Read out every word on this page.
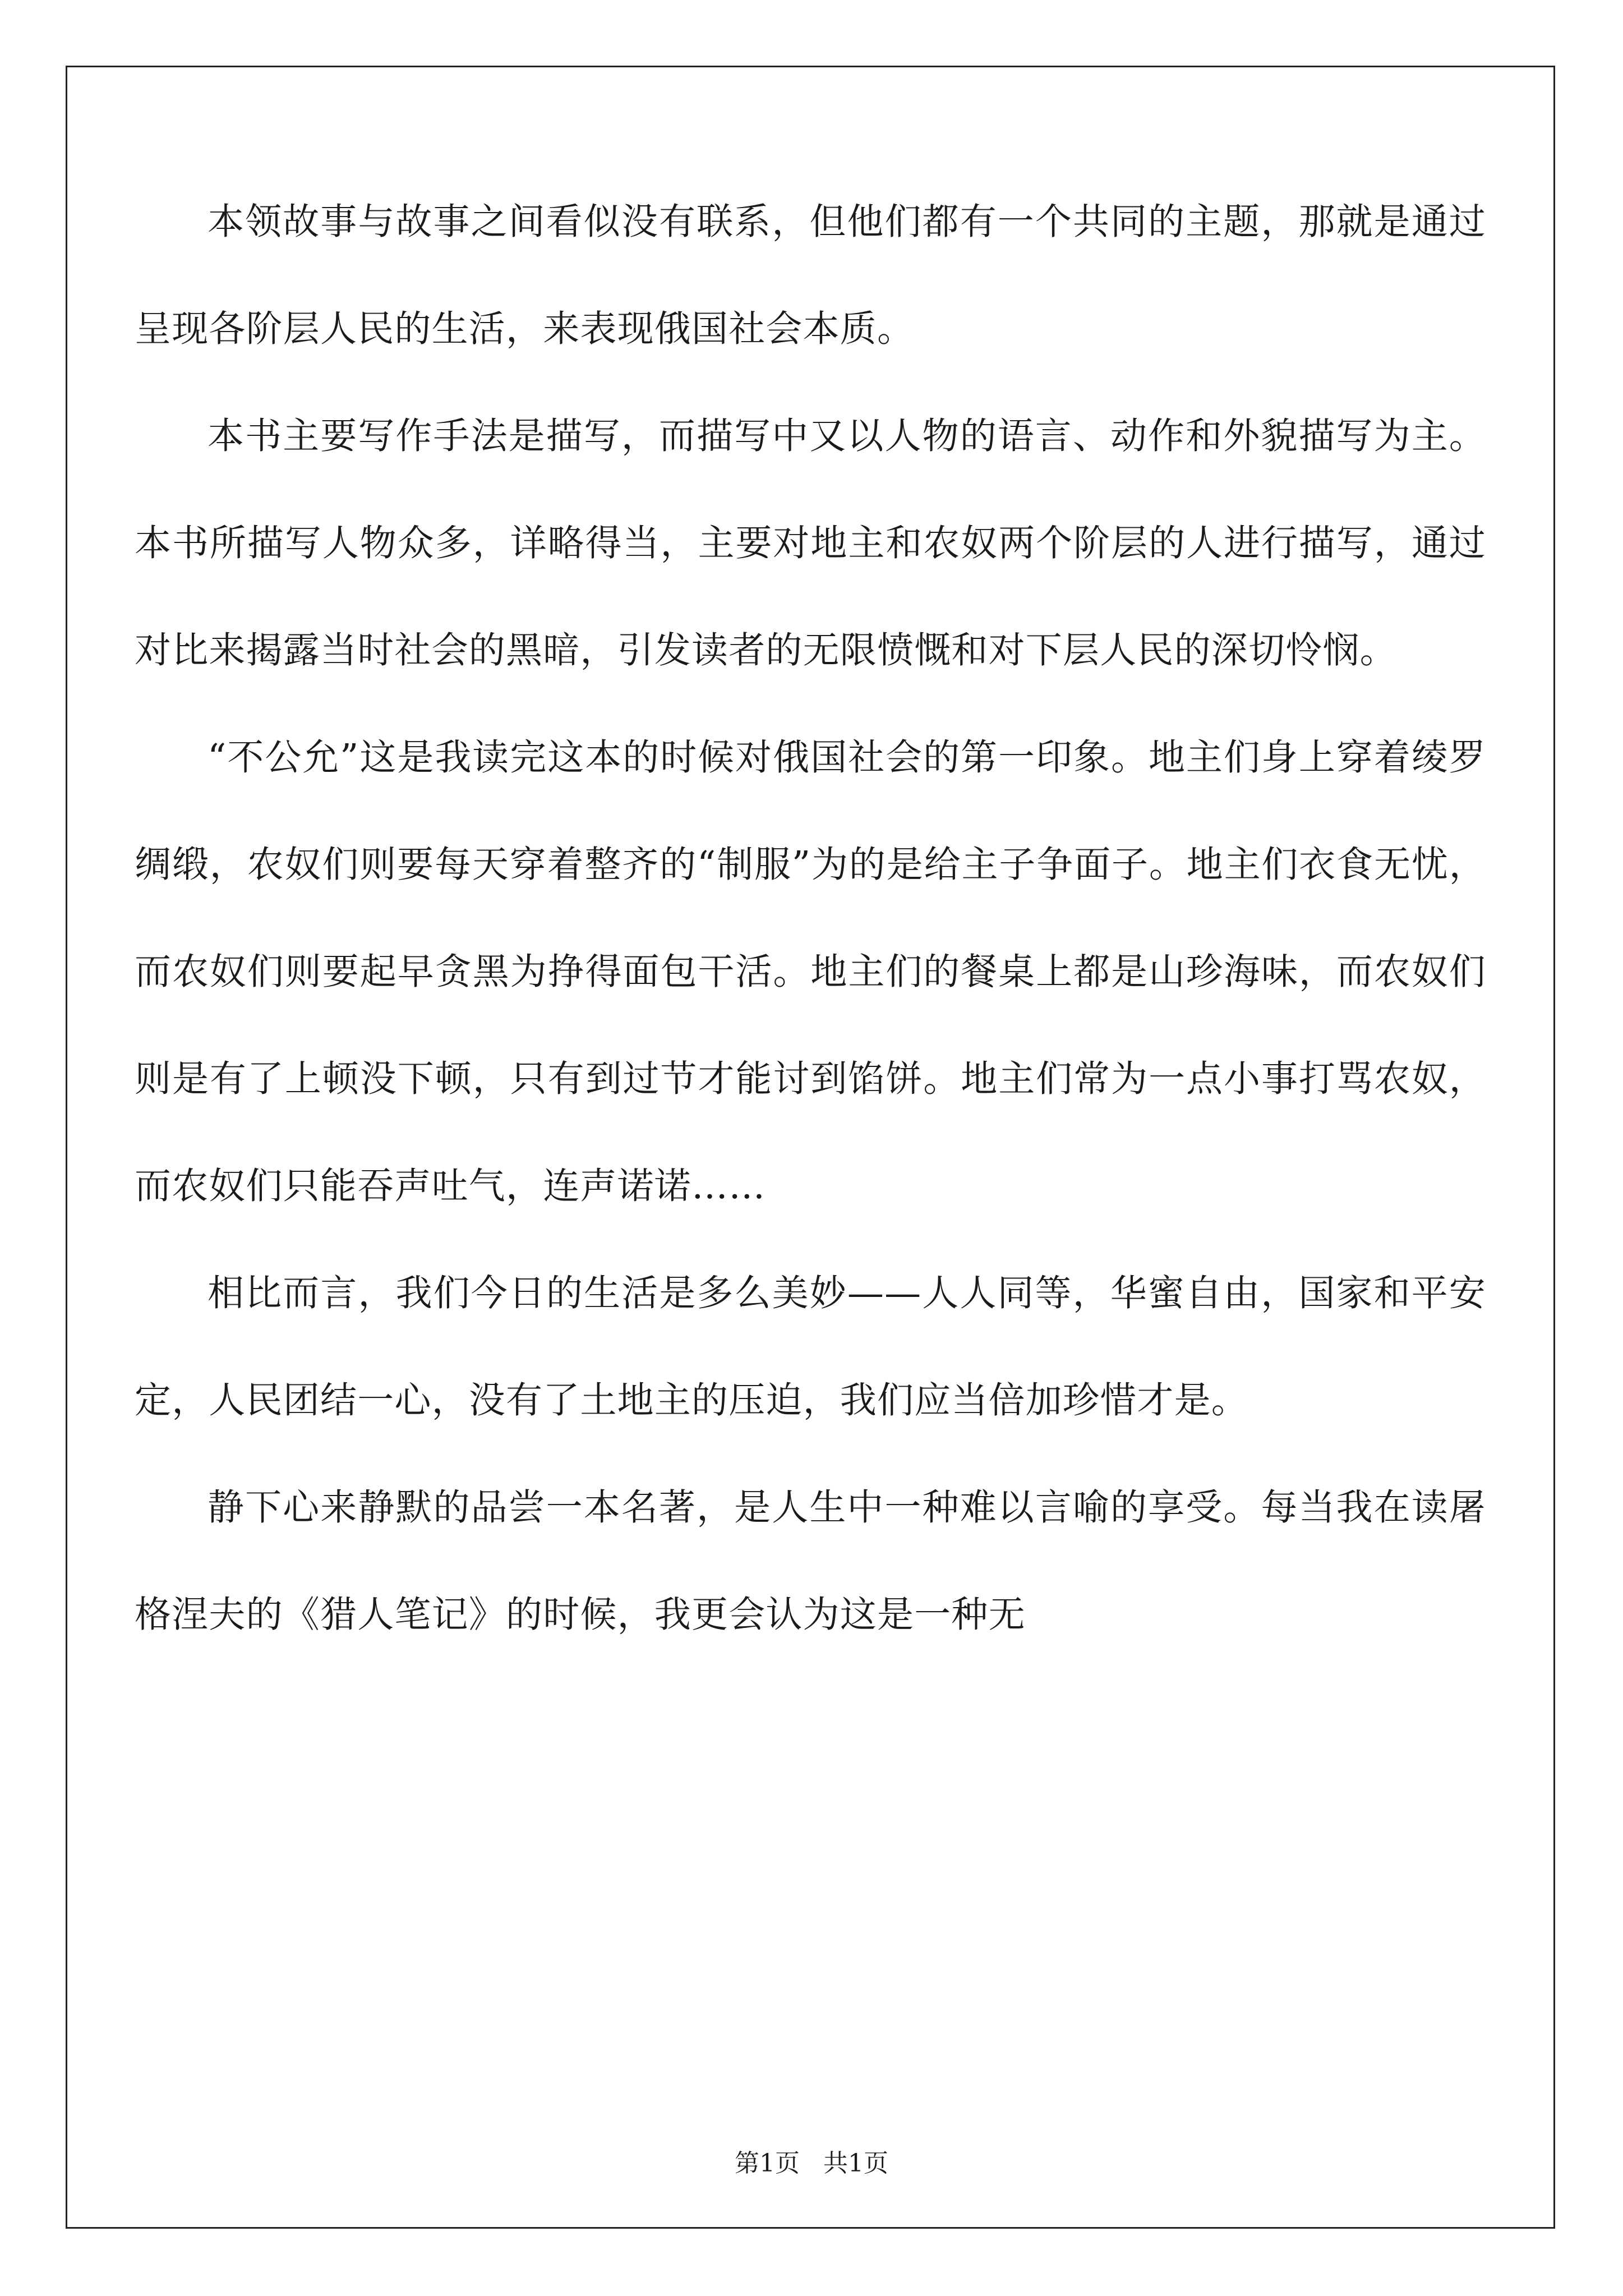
本领故事与故事之间看似没有联系，但他们都有一个共同的主题，那就是通过呈现各阶层人民的生活，来表现俄国社会本质。

本书主要写作手法是描写，而描写中又以人物的语言、动作和外貌描写为主。本书所描写人物众多，详略得当，主要对地主和农奴两个阶层的人进行描写，通过对比来揭露当时社会的黑暗，引发读者的无限愤慨和对下层人民的深切怜悯。

“不公允”这是我读完这本的时候对俄国社会的第一印象。地主们身上穿着绫罗绸缎，农奴们则要每天穿着整齐的“制服”为的是给主子争面子。地主们衣食无忧，而农奴们则要起早贪黑为挣得面包干活。地主们的餐桌上都是山珍海味，而农奴们则是有了上顿没下顿，只有到过节才能讨到馅饼。地主们常为一点小事打骂农奴，而农奴们只能吞声吐气，连声诺诺……

相比而言，我们今日的生活是多么美妙——人人同等，华蜜自由，国家和平安定，人民团结一心，没有了土地主的压迫，我们应当倍加珍惜才是。

静下心来静默的品尝一本名著，是人生中一种难以言喻的享受。每当我在读屠格涅夫的《猎人笔记》的时候，我更会认为这是一种无

第1页   共1页
